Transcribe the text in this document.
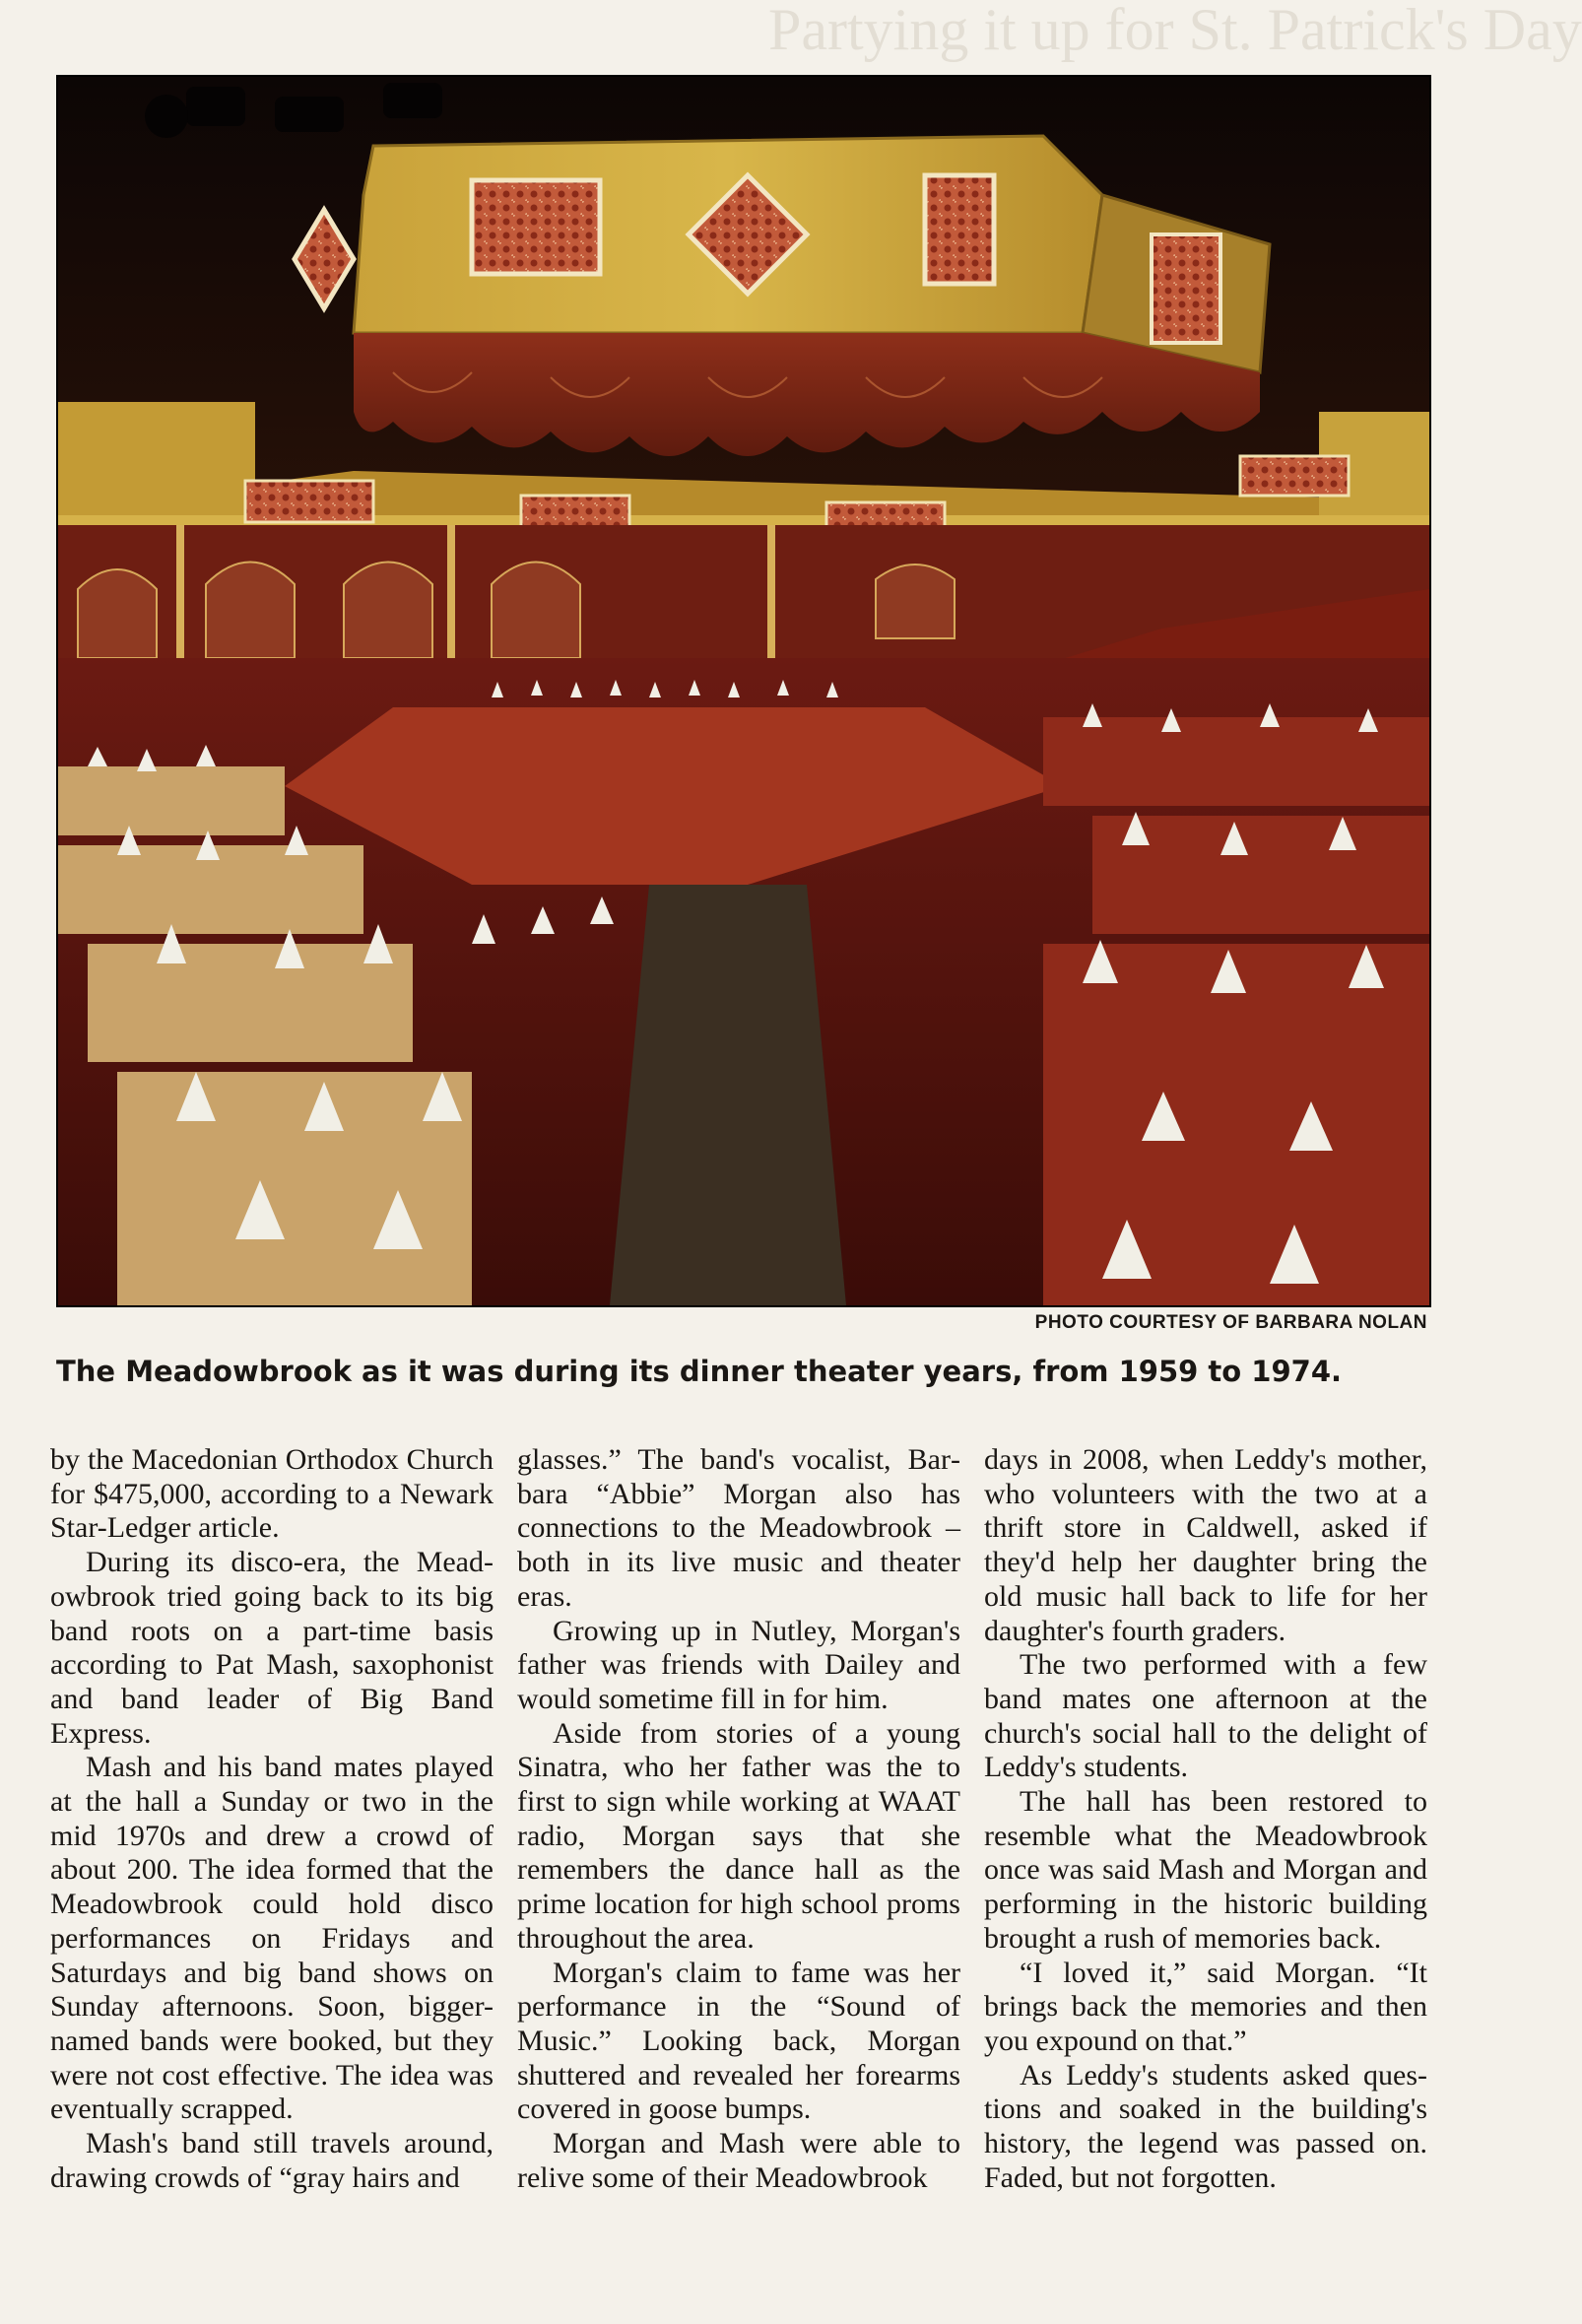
Partying it up for St. Patrick's Day
PHOTO COURTESY OF BARBARA NOLAN
The Meadowbrook as it was during its dinner theater years, from 1959 to 1974.

by the Macedonian Orthodox Church for $475,000, according to a Newark Star-Ledger article.

During its disco-era, the Meadowbrook tried going back to its big band roots on a part-time basis according to Pat Mash, saxophonist and band leader of Big Band Express.

Mash and his band mates played at the hall a Sunday or two in the mid 1970s and drew a crowd of about 200. The idea formed that the Meadowbrook could hold disco performances on Fridays and Saturdays and big band shows on Sunday afternoons. Soon, bigger-named bands were booked, but they were not cost effective. The idea was eventually scrapped.

Mash's band still travels around, drawing crowds of “gray hairs and

glasses.” The band's vocalist, Barbara “Abbie” Morgan also has connections to the Meadowbrook – both in its live music and theater eras.

Growing up in Nutley, Morgan's father was friends with Dailey and would sometime fill in for him.

Aside from stories of a young Sinatra, who her father was the to first to sign while working at WAAT radio, Morgan says that she remembers the dance hall as the prime location for high school proms throughout the area.

Morgan's claim to fame was her performance in the “Sound of Music.” Looking back, Morgan shuttered and revealed her forearms covered in goose bumps.

Morgan and Mash were able to relive some of their Meadowbrook

days in 2008, when Leddy's mother, who volunteers with the two at a thrift store in Caldwell, asked if they'd help her daughter bring the old music hall back to life for her daughter's fourth graders.

The two performed with a few band mates one afternoon at the church's social hall to the delight of Leddy's students.

The hall has been restored to resemble what the Meadowbrook once was said Mash and Morgan and performing in the historic building brought a rush of memories back.

“I loved it,” said Morgan. “It brings back the memories and then you expound on that.”

As Leddy's students asked questions and soaked in the building's history, the legend was passed on. Faded, but not forgotten.
